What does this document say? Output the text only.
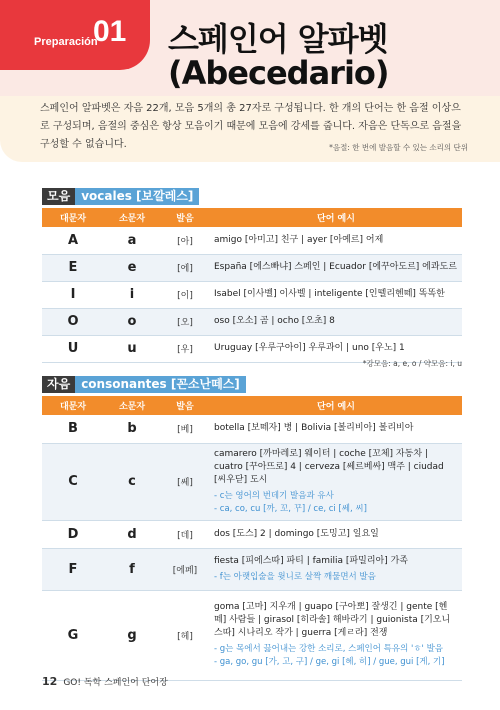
Preparación
01 스페인어 알파벳
(Abecedario)
스페인어 알파벳은 자음 22개, 모음 5개의 총 27자로 구성됩니다. 한 개의 단어는 한 음절 이상으로 구성되며, 음절의 중심은 항상 모음이기 때문에 모음에 강세를 줍니다. 자음은 단독으로 음절을 구성할 수 없습니다.	*음절: 한 번에 발음할 수 있는 소리의 단위
모음 vocales [보깔레스]
대문자	소문자	발음	단어 예시
A	a	[아]	amigo [아미고] 친구 | ayer [아예르] 어제
E	e	[에]	España [에스빠냐] 스페인 | Ecuador [에꾸아도르] 에콰도르
I	i	[이]	Isabel [이사벨] 이사벨 | inteligente [인뗄리헨떼] 똑똑한
O	o	[오]	oso [오소] 곰 | ocho [오초] 8
U	u	[우]	Uruguay [우루구아이] 우루과이 | uno [우노] 1
*강모음: a, e, o / 약모음: i, u
자음 consonantes [꼰소난떼스]
대문자	소문자	발음	단어 예시
B	b	[베]	botella [보떼자] 병 | Bolivia [볼리비아] 볼리비아

C	c	[쎄]	camarero [까마레로] 웨이터 | coche [꼬체] 자동차 | cuatro [꾸아뜨로] 4 | cerveza [쎄르베싸] 맥주 | ciudad [씨우닫] 도시
- c는 영어의 번데기 발음과 유사
- ca, co, cu [까, 꼬, 꾸] / ce, ci [쎄, 씨]

D	d	[데]	dos [도스] 2 | domingo [도밍고] 일요일

F	f	[에페]	fiesta [피에스따] 파티 | familia [파밀리아] 가족
- f는 아랫입술을 윗니로 살짝 깨물면서 발음

G	g	[헤]	goma [고마] 지우개 | guapo [구아뽀] 잘생긴 | gente [헨떼] 사람들 | girasol [히라솔] 해바라기 | guionista [기오니스따] 시나리오 작가 | guerra [게ㄹ라] 전쟁
- g는 목에서 끓어내는 강한 소리로, 스페인어 특유의 'ㅎ' 발음
- ga, go, gu [가, 고, 구] / ge, gi [헤, 히] / gue, gui [게, 기]
12 GO! 독학 스페인어 단어장
